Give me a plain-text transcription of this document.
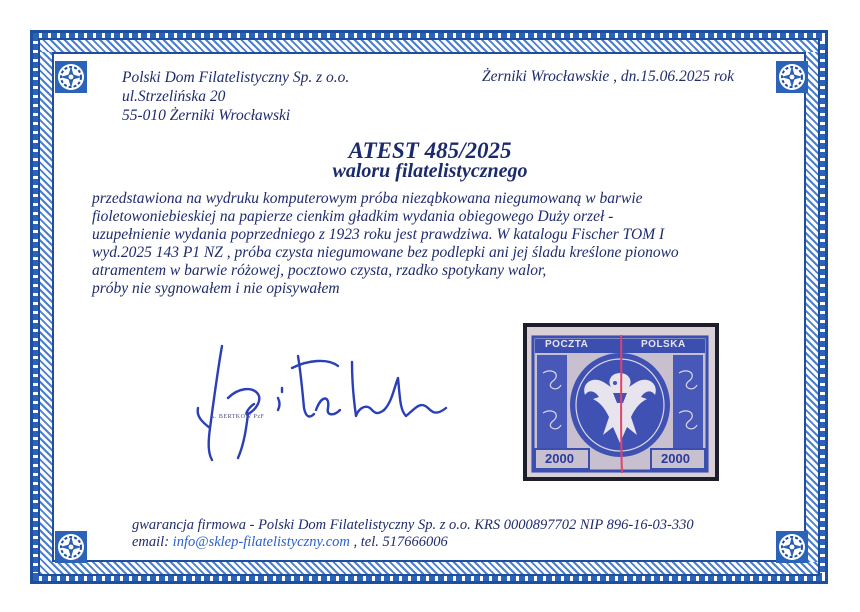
Polski Dom Filatelistyczny Sp. z o.o.
ul.Strzelińska 20
55-010 Żerniki Wrocławski
Żerniki Wrocławskie , dn.15.06.2025 rok
ATEST 485/2025
waloru filatelistycznego
przedstawiona na wydruku komputerowym próba nieząbkowana niegumowaną w barwie
fioletowoniebieskiej na papierze cienkim gładkim wydania obiegowego Duży orzeł -
uzupełnienie wydania poprzedniego z 1923 roku jest prawdziwa. W katalogu Fischer TOM I
wyd.2025 143 P1 NZ , próba czysta niegumowane bez podlepki ani jej śladu kreślone pionowo
atramentem w barwie różowej, pocztowo czysta, rzadko spotykany walor,
próby nie sygnowałem i nie opisywałem
A. BERTKOW PzF
POCZTA	POLSKA
2000	2000
gwarancja firmowa - Polski Dom Filatelistyczny Sp. z o.o. KRS 0000897702 NIP 896-16-03-330
email: info@sklep-filatelistyczny.com , tel. 517666006
